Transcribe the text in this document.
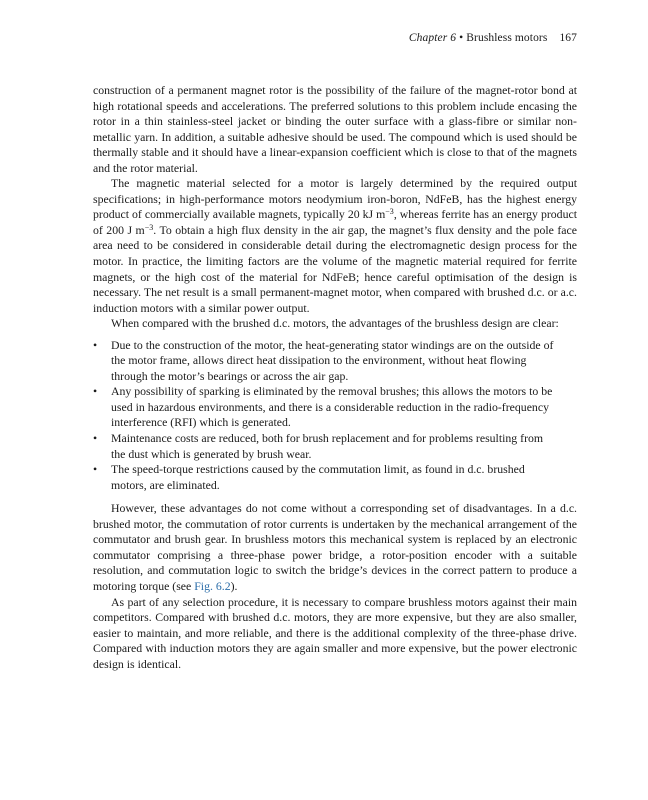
Chapter 6 • Brushless motors 167

construction of a permanent magnet rotor is the possibility of the failure of the magnet-rotor bond at high rotational speeds and accelerations. The preferred solutions to this problem include encasing the rotor in a thin stainless-steel jacket or binding the outer surface with a glass-fibre or similar non-metallic yarn. In addition, a suitable adhesive should be used. The compound which is used should be thermally stable and it should have a linear-expansion coefficient which is close to that of the magnets and the rotor material.

The magnetic material selected for a motor is largely determined by the required output specifications; in high-performance motors neodymium iron-boron, NdFeB, has the highest energy product of commercially available magnets, typically 20 kJ $m^{-3}$, whereas ferrite has an energy product of 200 J $m^{-3}$. To obtain a high flux density in the air gap, the magnet’s flux density and the pole face area need to be considered in considerable detail during the electromagnetic design process for the motor. In practice, the limiting factors are the volume of the magnetic material required for ferrite magnets, or the high cost of the material for NdFeB; hence careful optimisation of the design is necessary. The net result is a small permanent-magnet motor, when compared with brushed d.c. or a.c. induction motors with a similar power output.

When compared with the brushed d.c. motors, the advantages of the brushless design are clear:

• Due to the construction of the motor, the heat-generating stator windings are on the outside of the motor frame, allows direct heat dissipation to the environment, without heat flowing through the motor’s bearings or across the air gap.
• Any possibility of sparking is eliminated by the removal brushes; this allows the motors to be used in hazardous environments, and there is a considerable reduction in the radio-frequency interference (RFI) which is generated.
• Maintenance costs are reduced, both for brush replacement and for problems resulting from the dust which is generated by brush wear.
• The speed-torque restrictions caused by the commutation limit, as found in d.c. brushed motors, are eliminated.

However, these advantages do not come without a corresponding set of disadvantages. In a d.c. brushed motor, the commutation of rotor currents is undertaken by the mechanical arrangement of the commutator and brush gear. In brushless motors this mechanical system is replaced by an electronic commutator comprising a three-phase power bridge, a rotor-position encoder with a suitable resolution, and commutation logic to switch the bridge’s devices in the correct pattern to produce a motoring torque (see Fig. 6.2).

As part of any selection procedure, it is necessary to compare brushless motors against their main competitors. Compared with brushed d.c. motors, they are more expensive, but they are also smaller, easier to maintain, and more reliable, and there is the additional complexity of the three-phase drive. Compared with induction motors they are again smaller and more expensive, but the power electronic design is identical.
